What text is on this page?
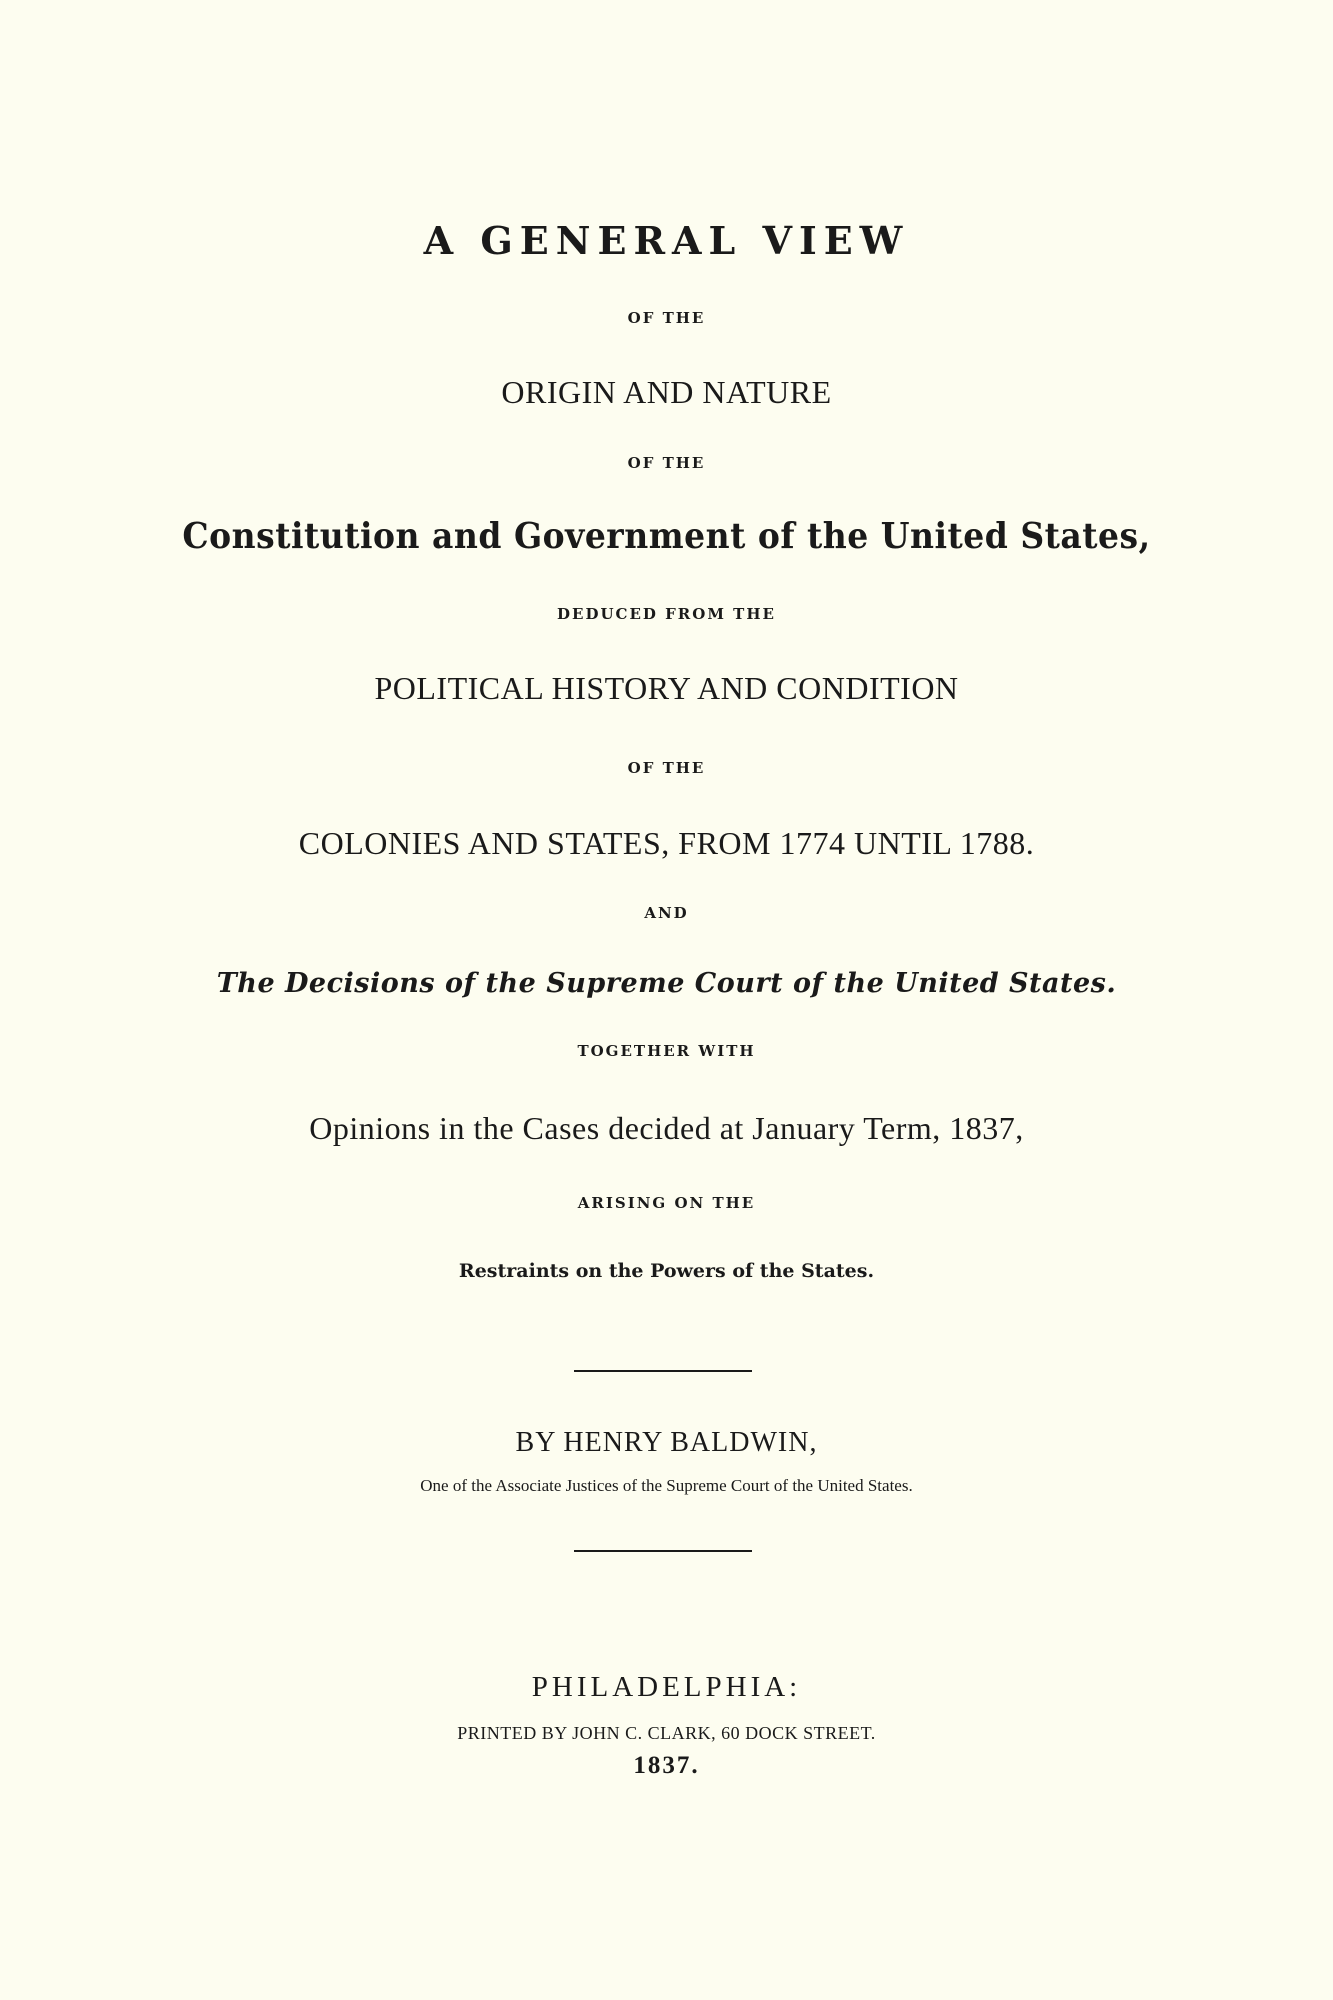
A GENERAL VIEW
OF THE
ORIGIN AND NATURE
OF THE
Constitution and Government of the United States,
DEDUCED FROM THE
POLITICAL HISTORY AND CONDITION
OF THE
COLONIES AND STATES, FROM 1774 UNTIL 1788.
AND
The Decisions of the Supreme Court of the United States.
TOGETHER WITH
Opinions in the Cases decided at January Term, 1837,
ARISING ON THE
Restraints on the Powers of the States.
BY HENRY BALDWIN,
One of the Associate Justices of the Supreme Court of the United States.
PHILADELPHIA:
PRINTED BY JOHN C. CLARK, 60 DOCK STREET.
1837.
